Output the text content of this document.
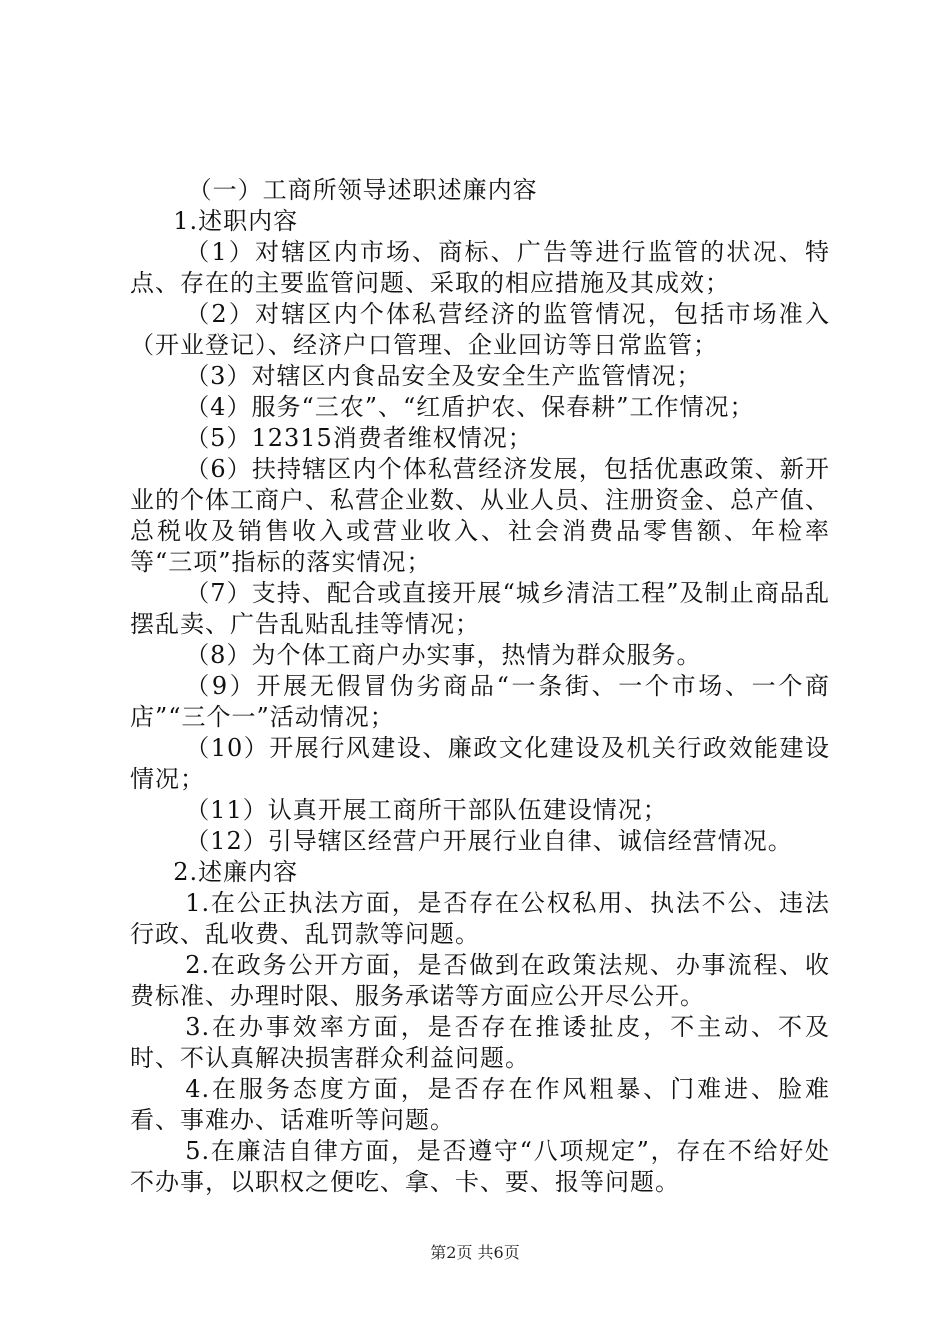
（一）工商所领导述职述廉内容

1.述职内容

（1）对辖区内市场、商标、广告等进行监管的状况、特点、存在的主要监管问题、采取的相应措施及其成效；

（2）对辖区内个体私营经济的监管情况，包括市场准入（开业登记）、经济户口管理、企业回访等日常监管；

（3）对辖区内食品安全及安全生产监管情况；

（4）服务“三农”、“红盾护农、保春耕”工作情况；

（5）12315消费者维权情况；

（6）扶持辖区内个体私营经济发展，包括优惠政策、新开业的个体工商户、私营企业数、从业人员、注册资金、总产值、总税收及销售收入或营业收入、社会消费品零售额、年检率等“三项”指标的落实情况；

（7）支持、配合或直接开展“城乡清洁工程”及制止商品乱摆乱卖、广告乱贴乱挂等情况；

（8）为个体工商户办实事，热情为群众服务。

（9）开展无假冒伪劣商品“一条街、一个市场、一个商店”“三个一”活动情况；

（10）开展行风建设、廉政文化建设及机关行政效能建设情况；

（11）认真开展工商所干部队伍建设情况；

（12）引导辖区经营户开展行业自律、诚信经营情况。

2.述廉内容

1.在公正执法方面，是否存在公权私用、执法不公、违法行政、乱收费、乱罚款等问题。

2.在政务公开方面，是否做到在政策法规、办事流程、收费标准、办理时限、服务承诺等方面应公开尽公开。

3.在办事效率方面，是否存在推诿扯皮，不主动、不及时、不认真解决损害群众利益问题。

4.在服务态度方面，是否存在作风粗暴、门难进、脸难看、事难办、话难听等问题。

5.在廉洁自律方面，是否遵守“八项规定”，存在不给好处不办事，以职权之便吃、拿、卡、要、报等问题。

第2页 共6页
